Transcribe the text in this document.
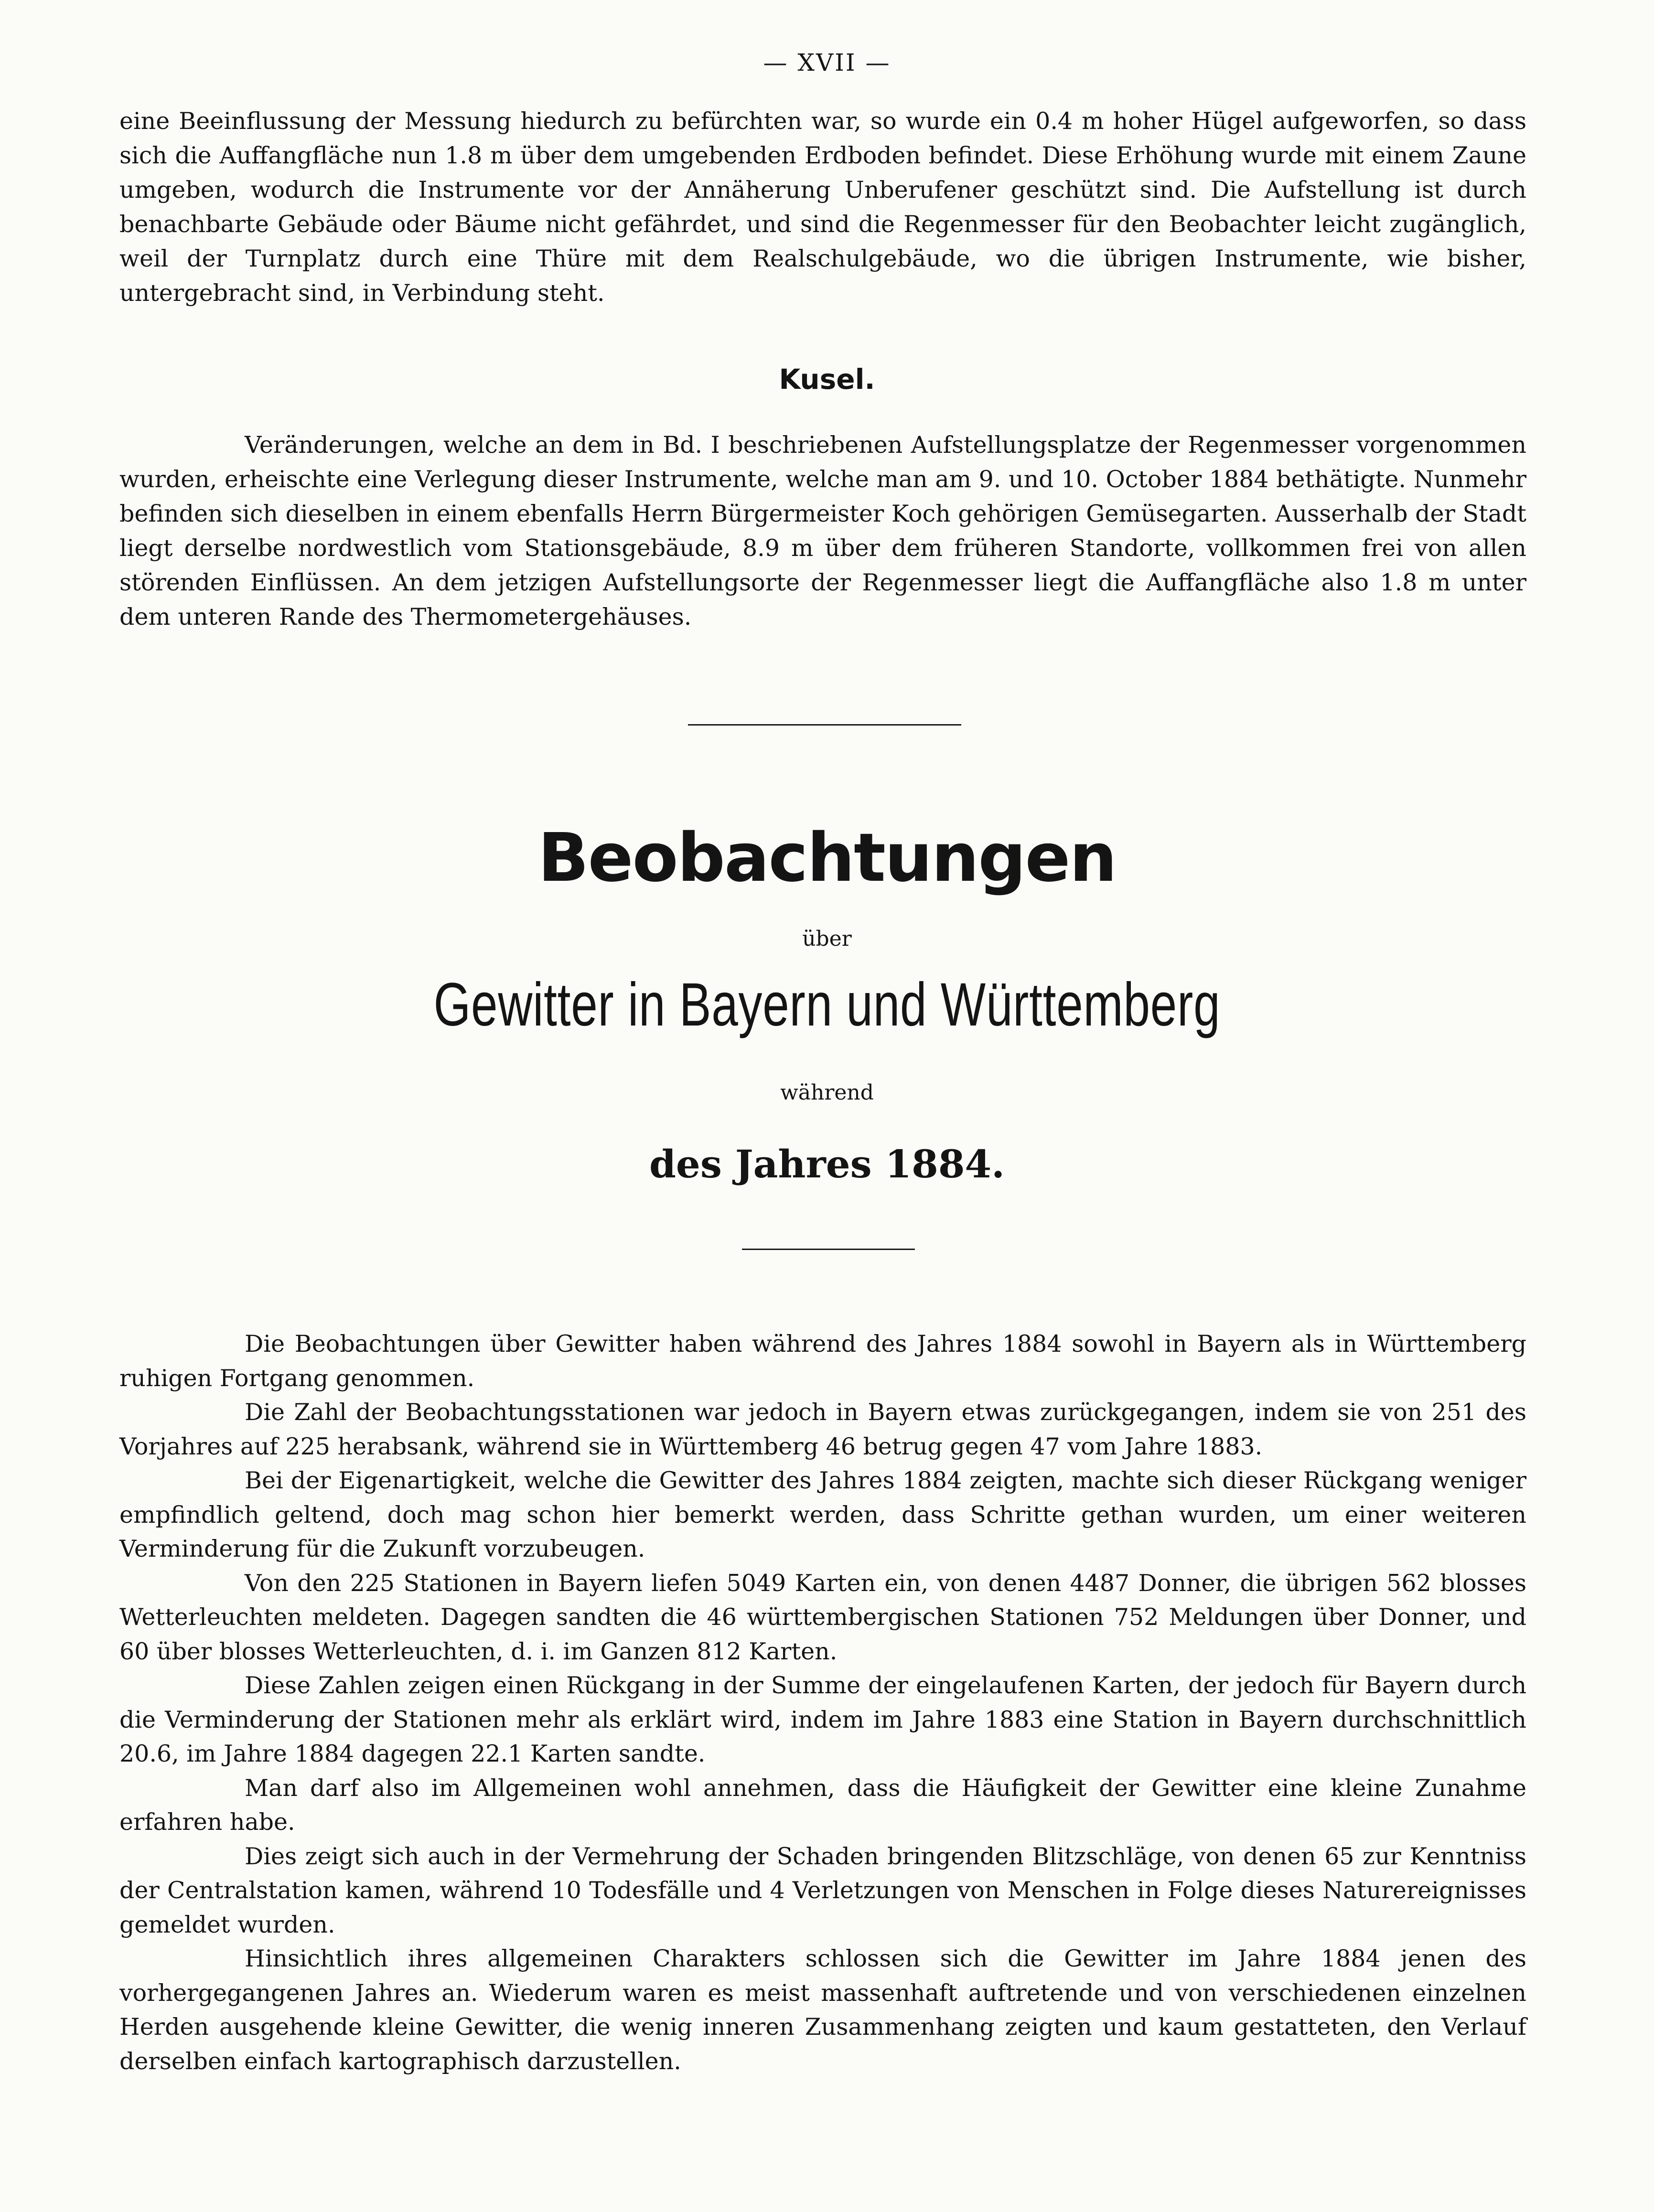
— XVII —

eine Beeinflussung der Messung hiedurch zu befürchten war, so wurde ein 0.4 m hoher Hügel aufgeworfen, so dass sich die Auffangfläche nun 1.8 m über dem umgebenden Erdboden befindet. Diese Erhöhung wurde mit einem Zaune umgeben, wodurch die Instrumente vor der Annäherung Unberufener geschützt sind. Die Aufstellung ist durch benachbarte Gebäude oder Bäume nicht gefährdet, und sind die Regenmesser für den Beobachter leicht zugänglich, weil der Turnplatz durch eine Thüre mit dem Realschulgebäude, wo die übrigen Instrumente, wie bisher, untergebracht sind, in Verbindung steht.

Kusel.

Veränderungen, welche an dem in Bd. I beschriebenen Aufstellungsplatze der Regenmesser vorgenommen wurden, erheischte eine Verlegung dieser Instrumente, welche man am 9. und 10. October 1884 bethätigte. Nunmehr befinden sich dieselben in einem ebenfalls Herrn Bürgermeister Koch gehörigen Gemüsegarten. Ausserhalb der Stadt liegt derselbe nordwestlich vom Stationsgebäude, 8.9 m über dem früheren Standorte, vollkommen frei von allen störenden Einflüssen. An dem jetzigen Aufstellungsorte der Regenmesser liegt die Auffangfläche also 1.8 m unter dem unteren Rande des Thermometergehäuses.

Beobachtungen
über
Gewitter in Bayern und Württemberg
während
des Jahres 1884.

Die Beobachtungen über Gewitter haben während des Jahres 1884 sowohl in Bayern als in Württemberg ruhigen Fortgang genommen.

Die Zahl der Beobachtungsstationen war jedoch in Bayern etwas zurückgegangen, indem sie von 251 des Vorjahres auf 225 herabsank, während sie in Württemberg 46 betrug gegen 47 vom Jahre 1883.

Bei der Eigenartigkeit, welche die Gewitter des Jahres 1884 zeigten, machte sich dieser Rückgang weniger empfindlich geltend, doch mag schon hier bemerkt werden, dass Schritte gethan wurden, um einer weiteren Verminderung für die Zukunft vorzubeugen.

Von den 225 Stationen in Bayern liefen 5049 Karten ein, von denen 4487 Donner, die übrigen 562 blosses Wetterleuchten meldeten. Dagegen sandten die 46 württembergischen Stationen 752 Meldungen über Donner, und 60 über blosses Wetterleuchten, d. i. im Ganzen 812 Karten.

Diese Zahlen zeigen einen Rückgang in der Summe der eingelaufenen Karten, der jedoch für Bayern durch die Verminderung der Stationen mehr als erklärt wird, indem im Jahre 1883 eine Station in Bayern durchschnittlich 20.6, im Jahre 1884 dagegen 22.1 Karten sandte.

Man darf also im Allgemeinen wohl annehmen, dass die Häufigkeit der Gewitter eine kleine Zunahme erfahren habe.

Dies zeigt sich auch in der Vermehrung der Schaden bringenden Blitzschläge, von denen 65 zur Kenntniss der Centralstation kamen, während 10 Todesfälle und 4 Verletzungen von Menschen in Folge dieses Naturereignisses gemeldet wurden.

Hinsichtlich ihres allgemeinen Charakters schlossen sich die Gewitter im Jahre 1884 jenen des vorhergegangenen Jahres an. Wiederum waren es meist massenhaft auftretende und von verschiedenen einzelnen Herden ausgehende kleine Gewitter, die wenig inneren Zusammenhang zeigten und kaum gestatteten, den Verlauf derselben einfach kartographisch darzustellen.
